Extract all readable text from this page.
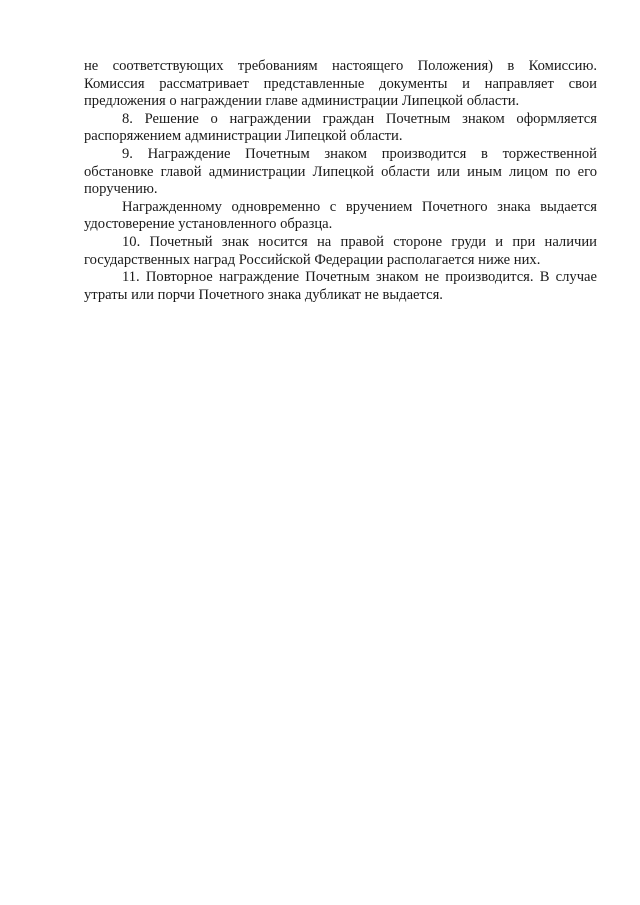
не соответствующих требованиям настоящего Положения) в Комиссию. Комиссия рассматривает представленные документы и направляет свои предложения о награждении главе администрации Липецкой области.

8. Решение о награждении граждан Почетным знаком оформляется распоряжением администрации Липецкой области.

9. Награждение Почетным знаком производится в торжественной обстановке главой администрации Липецкой области или иным лицом по его поручению.

Награжденному одновременно с вручением Почетного знака выдается удостоверение установленного образца.

10. Почетный знак носится на правой стороне груди и при наличии государственных наград Российской Федерации располагается ниже них.

11. Повторное награждение Почетным знаком не производится. В случае утраты или порчи Почетного знака дубликат не выдается.
